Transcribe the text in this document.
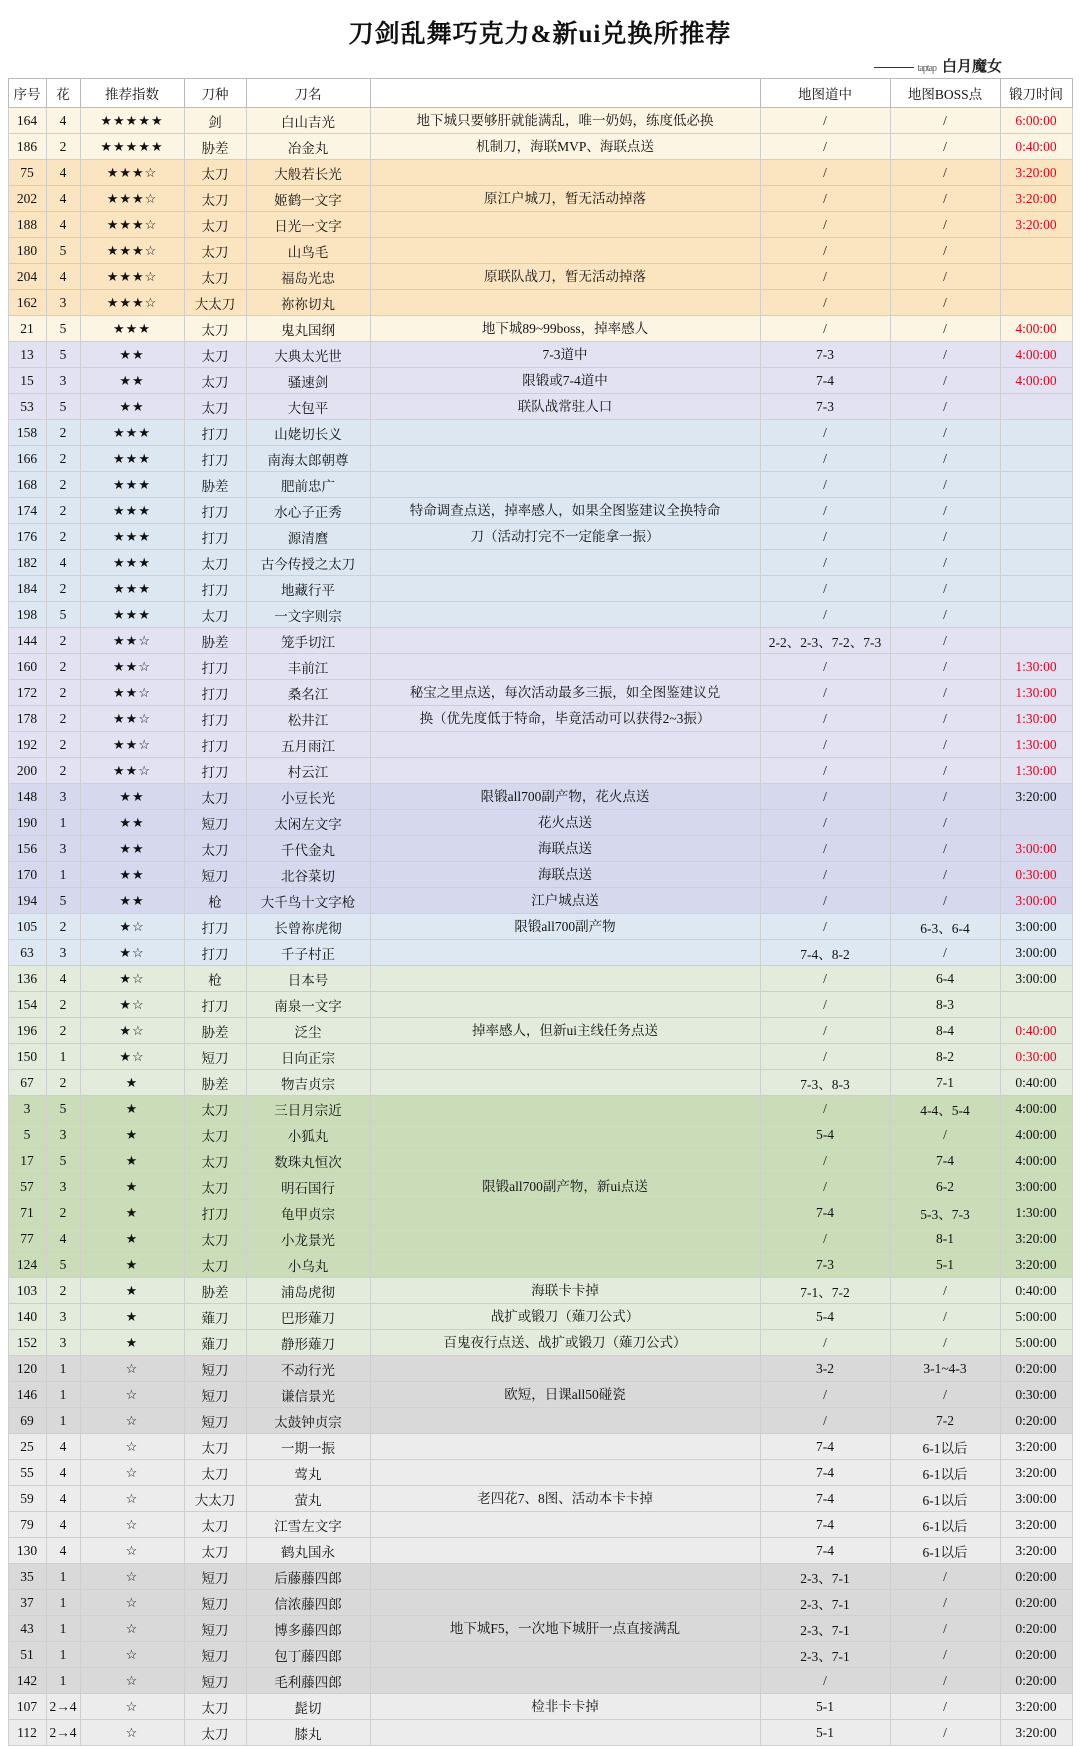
刀剑乱舞巧克力&新ui兑换所推荐
taptap 白月魔女
序号	花	推荐指数	刀种	刀名		地图道中	地图BOSS点	锻刀时间
164	4	★★★★★	剑	白山吉光	地下城只要够肝就能满乱，唯一奶妈，练度低必换	/	/	6:00:00
186	2	★★★★★	胁差	冶金丸	机制刀，海联MVP、海联点送	/	/	0:40:00
75	4	★★★☆	太刀	大般若长光		/	/	3:20:00
202	4	★★★☆	太刀	姬鹤一文字	原江户城刀，暂无活动掉落	/	/	3:20:00
188	4	★★★☆	太刀	日光一文字		/	/	3:20:00
180	5	★★★☆	太刀	山鸟毛		/	/	
204	4	★★★☆	太刀	福岛光忠	原联队战刀，暂无活动掉落	/	/	
162	3	★★★☆	大太刀	祢祢切丸		/	/	
21	5	★★★	太刀	鬼丸国纲	地下城89~99boss，掉率感人	/	/	4:00:00
13	5	★★	太刀	大典太光世	7-3道中	7-3	/	4:00:00
15	3	★★	太刀	骚速剑	限锻或7-4道中	7-4	/	4:00:00
53	5	★★	太刀	大包平	联队战常驻人口	7-3	/	
158	2	★★★	打刀	山姥切长义		/	/	
166	2	★★★	打刀	南海太郎朝尊		/	/	
168	2	★★★	胁差	肥前忠广		/	/	
174	2	★★★	打刀	水心子正秀	特命调查点送，掉率感人，如果全图鉴建议全换特命	/	/	
176	2	★★★	打刀	源清麿	刀（活动打完不一定能拿一振）	/	/	
182	4	★★★	太刀	古今传授之太刀		/	/	
184	2	★★★	打刀	地藏行平		/	/	
198	5	★★★	太刀	一文字则宗		/	/	
144	2	★★☆	胁差	笼手切江		2-2、2-3、7-2、7-3	/	
160	2	★★☆	打刀	丰前江		/	/	1:30:00
172	2	★★☆	打刀	桑名江	秘宝之里点送，每次活动最多三振，如全图鉴建议兑	/	/	1:30:00
178	2	★★☆	打刀	松井江	换（优先度低于特命，毕竟活动可以获得2~3振）	/	/	1:30:00
192	2	★★☆	打刀	五月雨江		/	/	1:30:00
200	2	★★☆	打刀	村云江		/	/	1:30:00
148	3	★★	太刀	小豆长光	限锻all700副产物，花火点送	/	/	3:20:00
190	1	★★	短刀	太闲左文字	花火点送	/	/	
156	3	★★	太刀	千代金丸	海联点送	/	/	3:00:00
170	1	★★	短刀	北谷菜切	海联点送	/	/	0:30:00
194	5	★★	枪	大千鸟十文字枪	江户城点送	/	/	3:00:00
105	2	★☆	打刀	长曾祢虎彻	限锻all700副产物	/	6-3、6-4	3:00:00
63	3	★☆	打刀	千子村正		7-4、8-2	/	3:00:00
136	4	★☆	枪	日本号		/	6-4	3:00:00
154	2	★☆	打刀	南泉一文字		/	8-3	
196	2	★☆	胁差	泛尘	掉率感人，但新ui主线任务点送	/	8-4	0:40:00
150	1	★☆	短刀	日向正宗		/	8-2	0:30:00
67	2	★	胁差	物吉贞宗		7-3、8-3	7-1	0:40:00
3	5	★	太刀	三日月宗近		/	4-4、5-4	4:00:00
5	3	★	太刀	小狐丸		5-4	/	4:00:00
17	5	★	太刀	数珠丸恒次		/	7-4	4:00:00
57	3	★	太刀	明石国行	限锻all700副产物，新ui点送	/	6-2	3:00:00
71	2	★	打刀	龟甲贞宗		7-4	5-3、7-3	1:30:00
77	4	★	太刀	小龙景光		/	8-1	3:20:00
124	5	★	太刀	小乌丸		7-3	5-1	3:20:00
103	2	★	胁差	浦岛虎彻	海联卡卡掉	7-1、7-2	/	0:40:00
140	3	★	薙刀	巴形薙刀	战扩或锻刀（薙刀公式）	5-4	/	5:00:00
152	3	★	薙刀	静形薙刀	百鬼夜行点送、战扩或锻刀（薙刀公式）	/	/	5:00:00
120	1	☆	短刀	不动行光		3-2	3-1~4-3	0:20:00
146	1	☆	短刀	谦信景光	欧短，日课all50碰瓷	/	/	0:30:00
69	1	☆	短刀	太鼓钟贞宗		/	7-2	0:20:00
25	4	☆	太刀	一期一振		7-4	6-1以后	3:20:00
55	4	☆	太刀	莺丸		7-4	6-1以后	3:20:00
59	4	☆	大太刀	萤丸	老四花7、8图、活动本卡卡掉	7-4	6-1以后	3:00:00
79	4	☆	太刀	江雪左文字		7-4	6-1以后	3:20:00
130	4	☆	太刀	鹤丸国永		7-4	6-1以后	3:20:00
35	1	☆	短刀	后藤藤四郎		2-3、7-1	/	0:20:00
37	1	☆	短刀	信浓藤四郎		2-3、7-1	/	0:20:00
43	1	☆	短刀	博多藤四郎	地下城F5，一次地下城肝一点直接满乱	2-3、7-1	/	0:20:00
51	1	☆	短刀	包丁藤四郎		2-3、7-1	/	0:20:00
142	1	☆	短刀	毛利藤四郎		/	/	0:20:00
107	2→4	☆	太刀	髭切	检非卡卡掉	5-1	/	3:20:00
112	2→4	☆	太刀	膝丸		5-1	/	3:20:00
